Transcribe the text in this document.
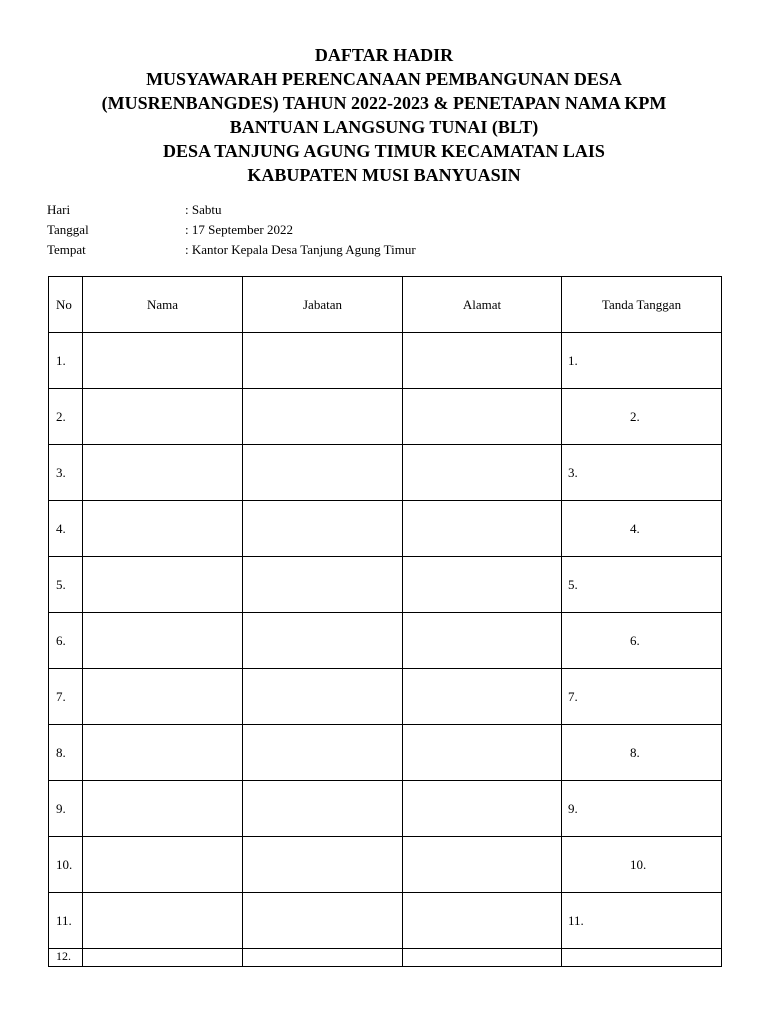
DAFTAR HADIR
MUSYAWARAH PERENCANAAN PEMBANGUNAN DESA
(MUSRENBANGDES) TAHUN 2022-2023 & PENETAPAN NAMA KPM
BANTUAN LANGSUNG TUNAI (BLT)
DESA TANJUNG AGUNG TIMUR KECAMATAN LAIS
KABUPATEN MUSI BANYUASIN
Hari	: Sabtu
Tanggal	: 17 September 2022
Tempat	: Kantor Kepala Desa Tanjung Agung Timur
No	Nama	Jabatan	Alamat	Tanda Tanggan
1.				1.
2.				2.
3.				3.
4.				4.
5.				5.
6.				6.
7.				7.
8.				8.
9.				9.
10.				10.
11.				11.
12.				
